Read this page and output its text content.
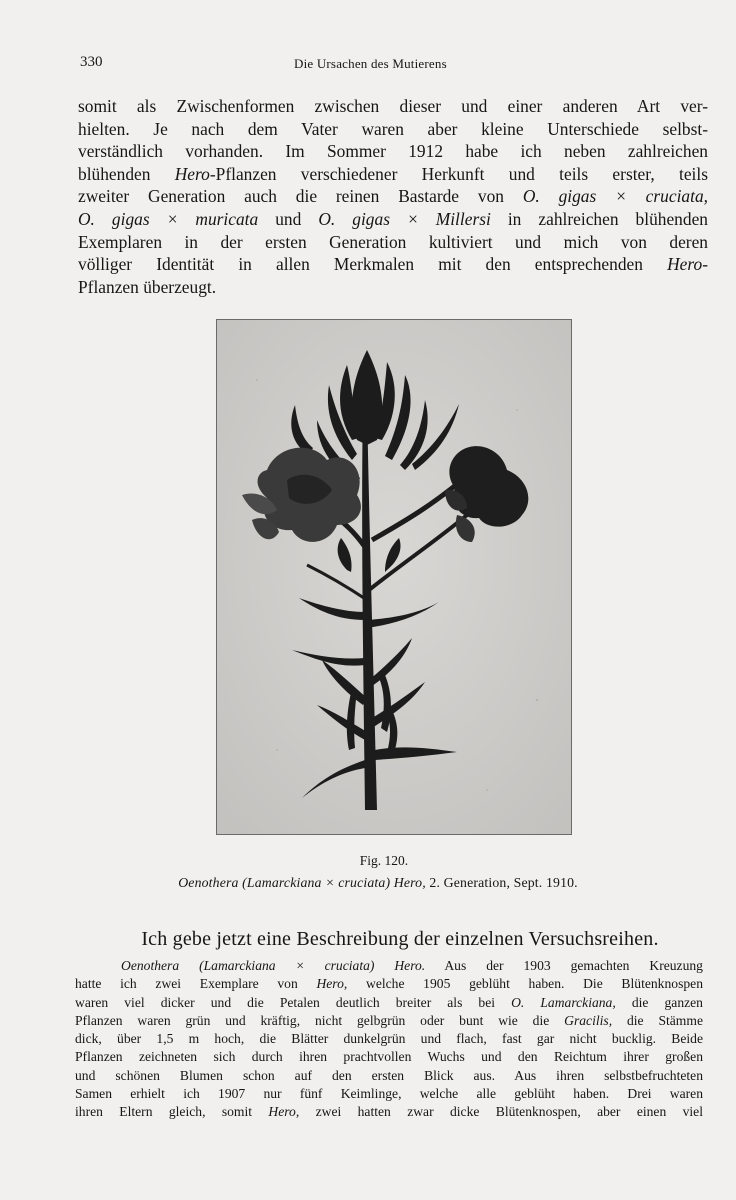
330	Die Ursachen des Mutierens
somit als Zwischenformen zwischen dieser und einer anderen Art ver-
hielten. Je nach dem Vater waren aber kleine Unterschiede selbst-
verständlich vorhanden. Im Sommer 1912 habe ich neben zahlreichen
blühenden Hero-Pflanzen verschiedener Herkunft und teils erster, teils
zweiter Generation auch die reinen Bastarde von O. gigas × cruciata,
O. gigas × muricata und O. gigas × Millersi in zahlreichen blühenden
Exemplaren in der ersten Generation kultiviert und mich von deren
völliger Identität in allen Merkmalen mit den entsprechenden Hero-
Pflanzen überzeugt.
Fig. 120.
Oenothera (Lamarckiana × cruciata) Hero, 2. Generation, Sept. 1910.
Ich gebe jetzt eine Beschreibung der einzelnen Versuchsreihen.
Oenothera (Lamarckiana × cruciata) Hero. Aus der 1903 gemachten Kreuzung
hatte ich zwei Exemplare von Hero, welche 1905 geblüht haben. Die Blütenknospen
waren viel dicker und die Petalen deutlich breiter als bei O. Lamarckiana, die ganzen
Pflanzen waren grün und kräftig, nicht gelbgrün oder bunt wie die Gracilis, die Stämme
dick, über 1,5 m hoch, die Blätter dunkelgrün und flach, fast gar nicht bucklig. Beide
Pflanzen zeichneten sich durch ihren prachtvollen Wuchs und den Reichtum ihrer großen
und schönen Blumen schon auf den ersten Blick aus. Aus ihren selbstbefruchteten
Samen erhielt ich 1907 nur fünf Keimlinge, welche alle geblüht haben. Drei waren
ihren Eltern gleich, somit Hero, zwei hatten zwar dicke Blütenknospen, aber einen viel
